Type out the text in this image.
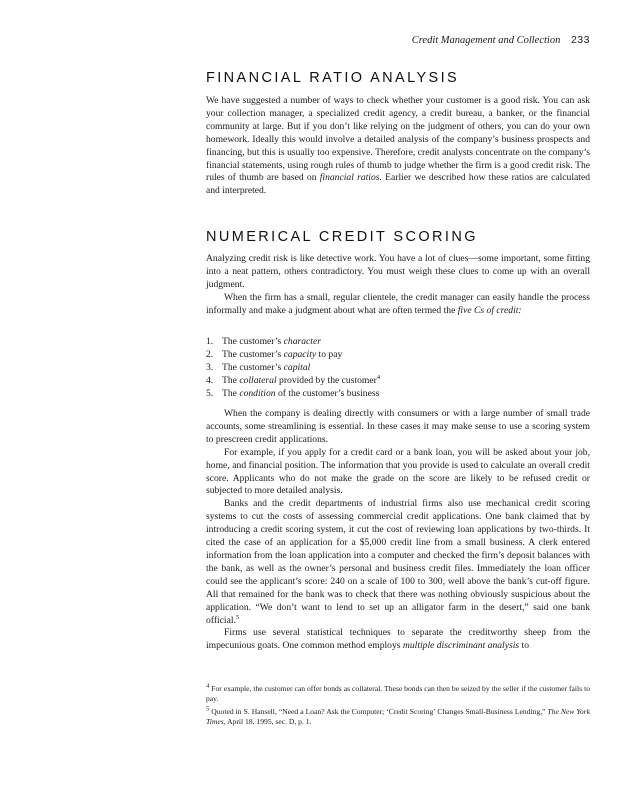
Credit Management and Collection 233
FINANCIAL RATIO ANALYSIS

We have suggested a number of ways to check whether your customer is a good risk. You can ask your collection manager, a specialized credit agency, a credit bureau, a banker, or the financial community at large. But if you don’t like relying on the judgment of others, you can do your own homework. Ideally this would involve a detailed analysis of the company’s business prospects and financing, but this is usually too expensive. Therefore, credit analysts concentrate on the company’s financial statements, using rough rules of thumb to judge whether the firm is a good credit risk. The rules of thumb are based on financial ratios. Earlier we described how these ratios are calculated and interpreted.

NUMERICAL CREDIT SCORING

Analyzing credit risk is like detective work. You have a lot of clues—some important, some fitting into a neat pattern, others contradictory. You must weigh these clues to come up with an overall judgment.

When the firm has a small, regular clientele, the credit manager can easily handle the process informally and make a judgment about what are often termed the five Cs of credit:

1. The customer’s character
2. The customer’s capacity to pay
3. The customer’s capital
4. The collateral provided by the customer$^4$
5. The condition of the customer’s business

When the company is dealing directly with consumers or with a large number of small trade accounts, some streamlining is essential. In these cases it may make sense to use a scoring system to prescreen credit applications.

For example, if you apply for a credit card or a bank loan, you will be asked about your job, home, and financial position. The information that you provide is used to calculate an overall credit score. Applicants who do not make the grade on the score are likely to be refused credit or subjected to more detailed analysis.

Banks and the credit departments of industrial firms also use mechanical credit scoring systems to cut the costs of assessing commercial credit applications. One bank claimed that by introducing a credit scoring system, it cut the cost of reviewing loan applications by two-thirds. It cited the case of an application for a $5,000 credit line from a small business. A clerk entered information from the loan application into a computer and checked the firm’s deposit balances with the bank, as well as the owner’s personal and business credit files. Immediately the loan officer could see the applicant’s score: 240 on a scale of 100 to 300, well above the bank’s cut-off figure. All that remained for the bank was to check that there was nothing obviously suspicious about the application. “We don’t want to lend to set up an alligator farm in the desert,” said one bank official.$^5$

Firms use several statistical techniques to separate the creditworthy sheep from the impecunious goats. One common method employs multiple discriminant analysis to

$^4$ For example, the customer can offer bonds as collateral. These bonds can then be seized by the seller if the customer fails to pay.

$^5$ Quoted in S. Hansell, “Need a Loan? Ask the Computer; ‘Credit Scoring’ Changes Small-Business Lending,” The New York Times, April 18, 1995, sec. D, p. 1.
